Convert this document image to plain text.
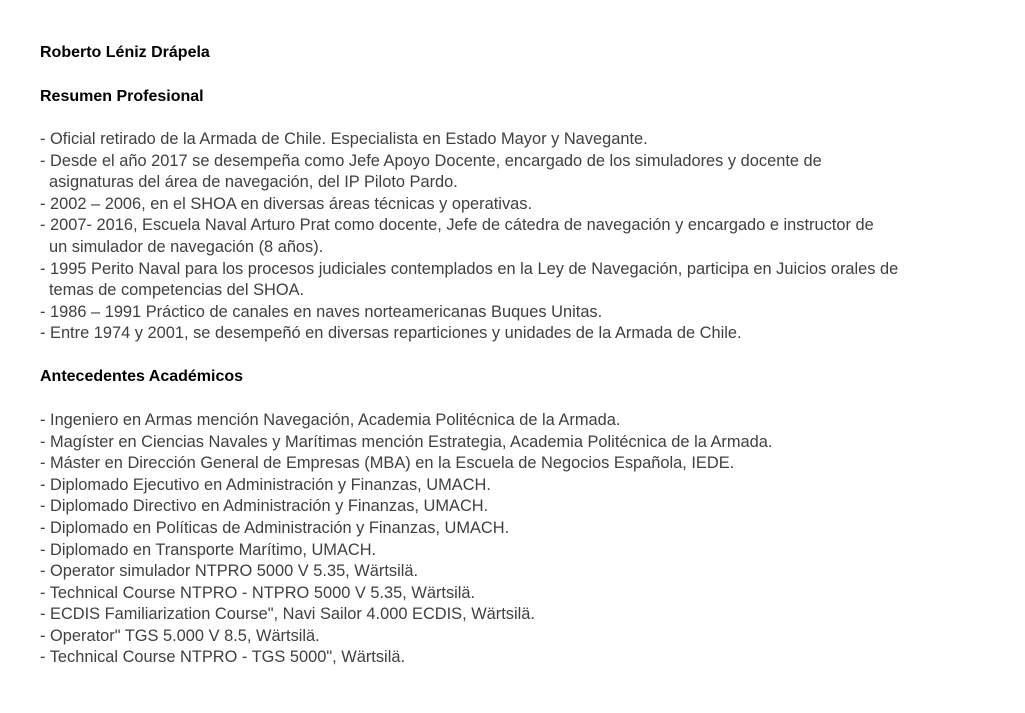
Roberto Léniz Drápela

Resumen Profesional

- Oficial retirado de la Armada de Chile. Especialista en Estado Mayor y Navegante.
- Desde el año 2017 se desempeña como Jefe Apoyo Docente, encargado de los simuladores y docente de
asignaturas del área de navegación, del IP Piloto Pardo.
- 2002 – 2006, en el SHOA en diversas áreas técnicas y operativas.
- 2007- 2016, Escuela Naval Arturo Prat como docente, Jefe de cátedra de navegación y encargado e instructor de
un simulador de navegación (8 años).
- 1995 Perito Naval para los procesos judiciales contemplados en la Ley de Navegación, participa en Juicios orales de
temas de competencias del SHOA.
- 1986 – 1991 Práctico de canales en naves norteamericanas Buques Unitas.
- Entre 1974 y 2001, se desempeñó en diversas reparticiones y unidades de la Armada de Chile.

Antecedentes Académicos

- Ingeniero en Armas mención Navegación, Academia Politécnica de la Armada.
- Magíster en Ciencias Navales y Marítimas mención Estrategia, Academia Politécnica de la Armada.
- Máster en Dirección General de Empresas (MBA) en la Escuela de Negocios Española, IEDE.
- Diplomado Ejecutivo en Administración y Finanzas, UMACH.
- Diplomado Directivo en Administración y Finanzas, UMACH.
- Diplomado en Políticas de Administración y Finanzas, UMACH.
- Diplomado en Transporte Marítimo, UMACH.
- Operator simulador NTPRO 5000 V 5.35, Wärtsilä.
- Technical Course NTPRO - NTPRO 5000 V 5.35, Wärtsilä.
- ECDIS Familiarization Course", Navi Sailor 4.000 ECDIS, Wärtsilä.
- Operator" TGS 5.000 V 8.5, Wärtsilä.
- Technical Course NTPRO - TGS 5000", Wärtsilä.
